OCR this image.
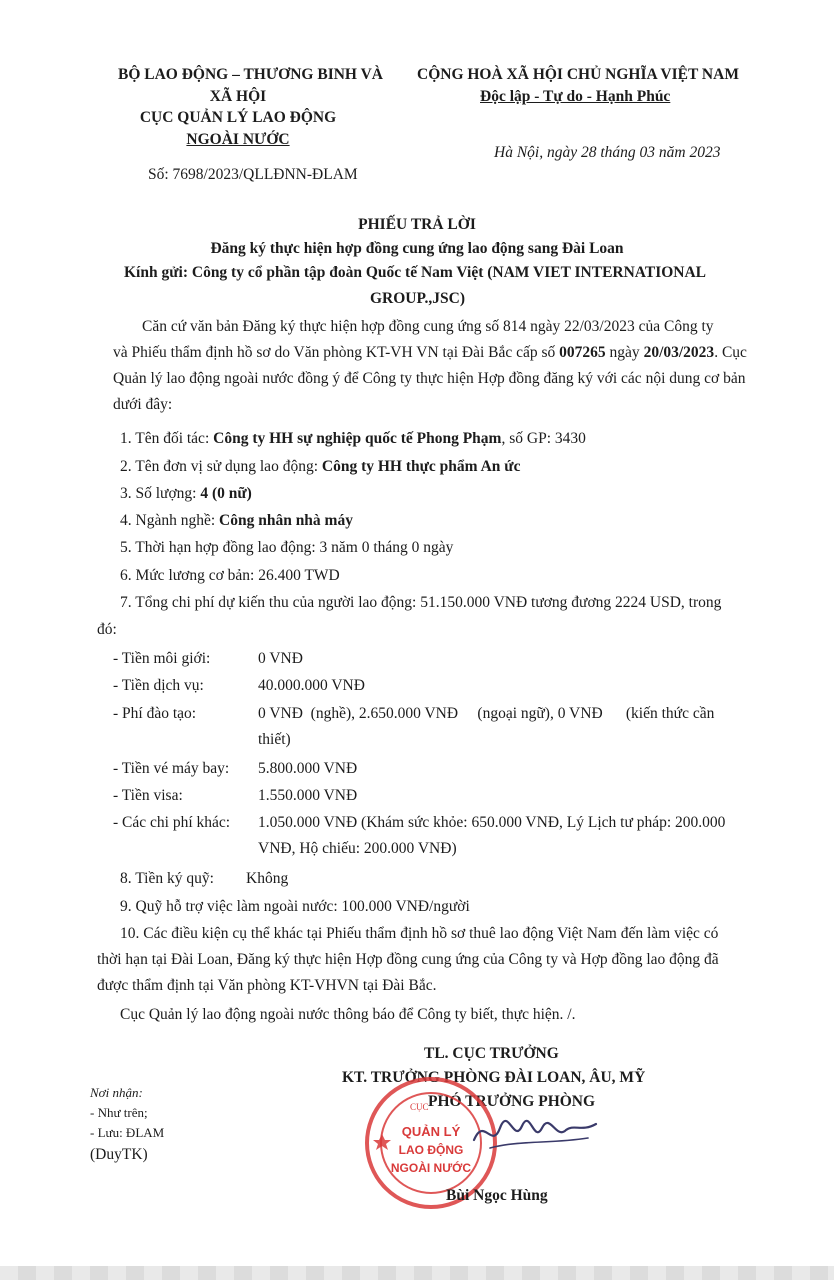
BỘ LAO ĐỘNG – THƯƠNG BINH VÀ
XÃ HỘI
CỤC QUẢN LÝ LAO ĐỘNG
NGOÀI NƯỚC
Số: 7698/2023/QLLĐNN-ĐLAM
CỘNG HOÀ XÃ HỘI CHỦ NGHĨA VIỆT NAM
Độc lập - Tự do - Hạnh Phúc
Hà Nội, ngày 28 tháng 03 năm 2023
PHIẾU TRẢ LỜI
Đăng ký thực hiện hợp đồng cung ứng lao động sang Đài Loan
Kính gửi: Công ty cổ phần tập đoàn Quốc tế Nam Việt (NAM VIET INTERNATIONAL
GROUP.,JSC)
Căn cứ văn bản Đăng ký thực hiện hợp đồng cung ứng số 814 ngày 22/03/2023 của Công ty
và Phiếu thẩm định hồ sơ do Văn phòng KT-VH VN tại Đài Bắc cấp số 007265 ngày 20/03/2023. Cục
Quản lý lao động ngoài nước đồng ý để Công ty thực hiện Hợp đồng đăng ký với các nội dung cơ bản
dưới đây:
1. Tên đối tác: Công ty HH sự nghiệp quốc tế Phong Phạm, số GP: 3430
2. Tên đơn vị sử dụng lao động: Công ty HH thực phẩm An ức
3. Số lượng: 4 (0 nữ)
4. Ngành nghề: Công nhân nhà máy
5. Thời hạn hợp đồng lao động: 3 năm 0 tháng 0 ngày
6. Mức lương cơ bản: 26.400 TWD
7. Tổng chi phí dự kiến thu của người lao động: 51.150.000 VNĐ tương đương 2224 USD, trong
đó:
- Tiền môi giới:	0 VNĐ
- Tiền dịch vụ:	40.000.000 VNĐ
- Phí đào tạo:	0 VNĐ  (nghề), 2.650.000 VNĐ     (ngoại ngữ), 0 VNĐ      (kiến thức cần
thiết)
- Tiền vé máy bay: 5.800.000 VNĐ
- Tiền visa:	1.550.000 VNĐ
- Các chi phí khác: 1.050.000 VNĐ (Khám sức khỏe: 650.000 VNĐ, Lý Lịch tư pháp: 200.000
VNĐ, Hộ chiếu: 200.000 VNĐ)
8. Tiền ký quỹ: Không
9. Quỹ hỗ trợ việc làm ngoài nước: 100.000 VNĐ/người
10. Các điều kiện cụ thể khác tại Phiếu thẩm định hồ sơ thuê lao động Việt Nam đến làm việc có
thời hạn tại Đài Loan, Đăng ký thực hiện Hợp đồng cung ứng của Công ty và Hợp đồng lao động đã
được thẩm định tại Văn phòng KT-VHVN tại Đài Bắc.
Cục Quản lý lao động ngoài nước thông báo để Công ty biết, thực hiện. /.
TL. CỤC TRƯỞNG
KT. TRƯỞNG PHÒNG ĐÀI LOAN, ÂU, MỸ
PHÓ TRƯỞNG PHÒNG
CỤC
QUẢN LÝ
LAO ĐỘNG
NGOÀI NƯỚC
Bùi Ngọc Hùng
Nơi nhận:
- Như trên;
- Lưu: ĐLAM
(DuyTK)
